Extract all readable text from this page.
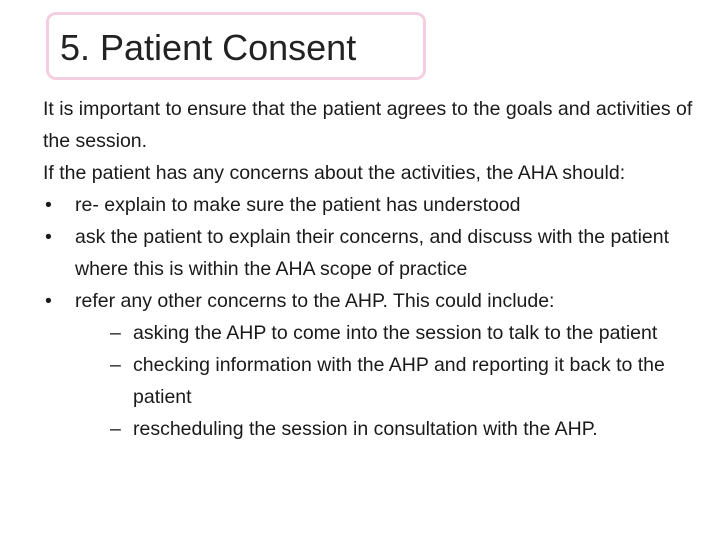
5. Patient Consent

It is important to ensure that the patient agrees to the goals and activities of the session.

If the patient has any concerns about the activities, the AHA should:

• re- explain to make sure the patient has understood
• ask the patient to explain their concerns, and discuss with the patient where this is within the AHA scope of practice
• refer any other concerns to the AHP. This could include:
– asking the AHP to come into the session to talk to the patient
– checking information with the AHP and reporting it back to the patient
– rescheduling the session in consultation with the AHP.
